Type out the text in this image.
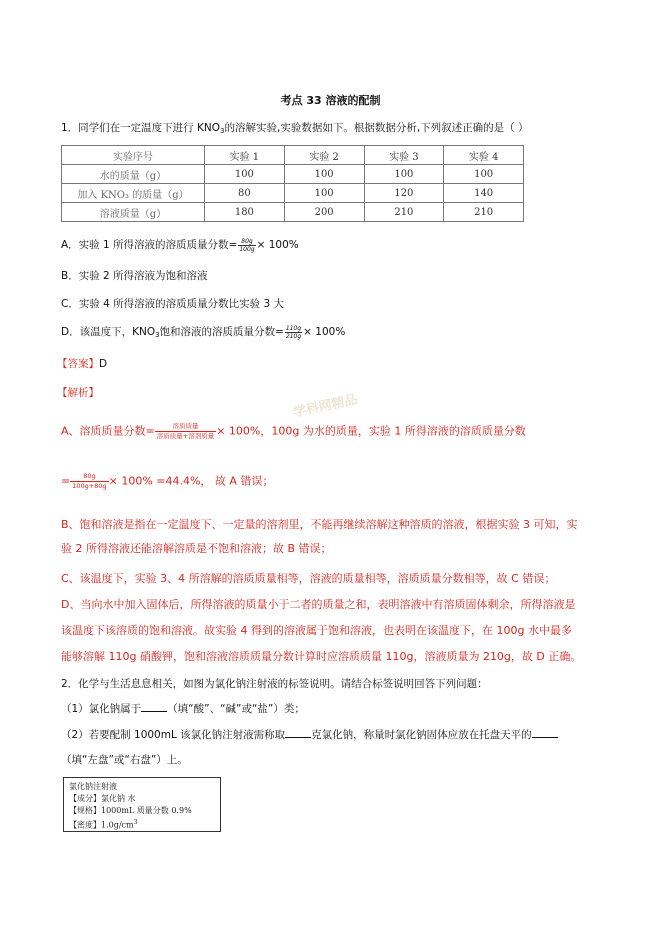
考点 33 溶液的配制
1．同学们在一定温度下进行 $KNO_3$的溶解实验,实验数据如下。根据数据分析,下列叙述正确的是（ ）
实验序号	实验 1	实验 2	实验 3	实验 4
水的质量（g）	100	100	100	100
加入 KNO₃ 的质量（g）	80	100	120	140
溶液质量（g）	180	200	210	210
A．实验 1 所得溶液的溶质质量分数= $\frac{80g}{100g} \times 100\%$
B．实验 2 所得溶液为饱和溶液
C．实验 4 所得溶液的溶质质量分数比实验 3 大
D．该温度下，$KNO_3$饱和溶液的溶质质量分数= $\frac{110g}{210g} \times 100\%$
【答案】D
【解析】	学科网精品
A、溶质质量分数= $\frac{\text{溶质质量}}{\text{溶质质量+溶剂质量}} \times 100\%$，100g 为水的质量，实验 1 所得溶液的溶质质量分数
= $\frac{80g}{100g+80g} \times 100\% =44.4\%$， 故 A 错误；
B、饱和溶液是指在一定温度下、一定量的溶剂里，不能再继续溶解这种溶质的溶液，根据实验 3 可知，实
验 2 所得溶液还能溶解溶质是不饱和溶液；故 B 错误；
C、该温度下，实验 3、4 所溶解的溶质质量相等，溶液的质量相等，溶质质量分数相等，故 C 错误；
D、当向水中加入固体后，所得溶液的质量小于二者的质量之和，表明溶液中有溶质固体剩余，所得溶液是
该温度下该溶质的饱和溶液。故实验 4 得到的溶液属于饱和溶液，也表明在该温度下，在 100g 水中最多
能够溶解 110g 硝酸钾，饱和溶液溶质质量分数计算时应溶质质量 110g，溶液质量为 210g，故 D 正确。
2．化学与生活息息相关，如图为氯化钠注射液的标签说明。请结合标签说明回答下列问题：
（1）氯化钠属于 （填“酸”、“碱”或“盐”）类；
（2）若要配制 1000mL 该氯化钠注射液需称取 克氯化钠，称量时氯化钠固体应放在托盘天平的
（填“左盘”或“右盘”）上。
氯化钠注射液
【成分】氯化钠 水
【规格】1000mL 质量分数 0.9%
【密度】$1.0g/cm^3$
